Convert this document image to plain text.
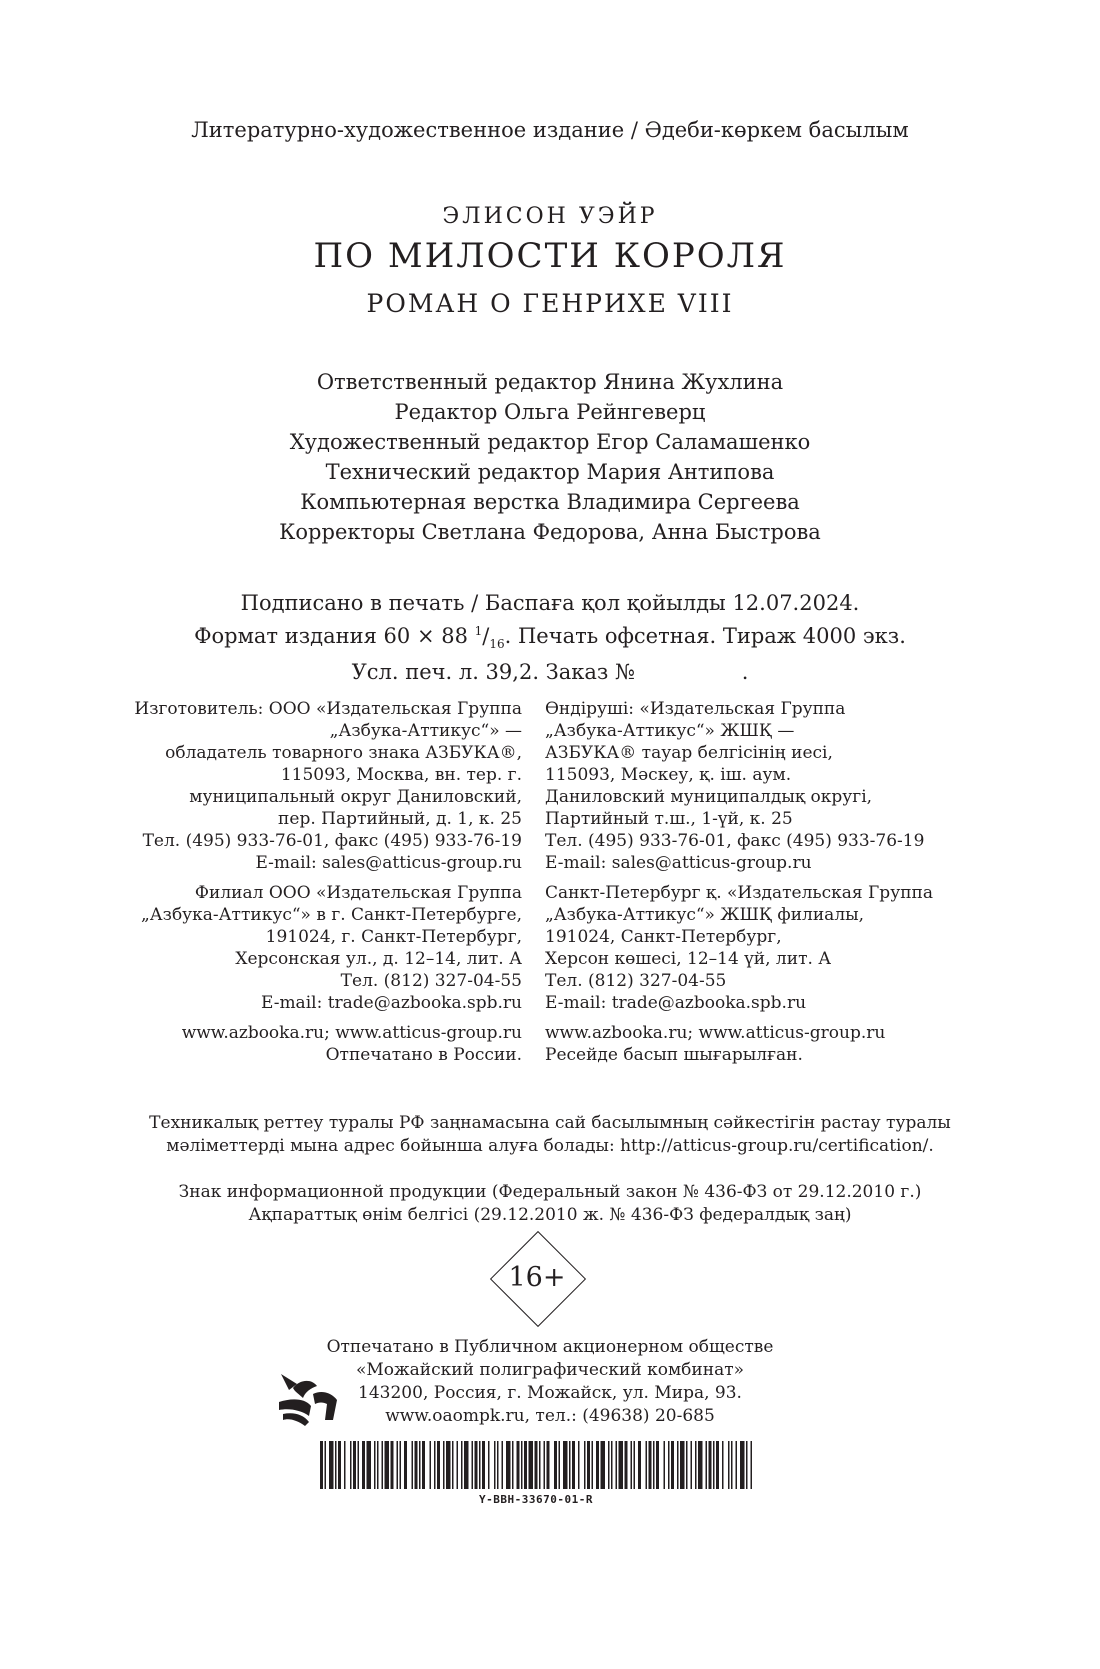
Литературно-художественное издание / Әдеби-көркем басылым
ЭЛИСОН УЭЙР
ПО МИЛОСТИ КОРОЛЯ
РОМАН О ГЕНРИХЕ VIII
Ответственный редактор Янина Жухлина
Редактор Ольга Рейнгеверц
Художественный редактор Егор Саламашенко
Технический редактор Мария Антипова
Компьютерная верстка Владимира Сергеева
Корректоры Светлана Федорова, Анна Быстрова
Подписано в печать / Баспаға қол қойылды 12.07.2024.
Формат издания 60 × 88 $^1/_{16}$. Печать офсетная. Тираж 4000 экз.
Усл. печ. л. 39,2. Заказ №                .
Изготовитель: ООО «Издательская Группа
„Азбука-Аттикус“» —
обладатель товарного знака АЗБУКА®,
115093, Москва, вн. тер. г.
муниципальный округ Даниловский,
пер. Партийный, д. 1, к. 25
Тел. (495) 933-76-01, факс (495) 933-76-19
E-mail: sales@atticus-group.ru
Филиал ООО «Издательская Группа
„Азбука-Аттикус“» в г. Санкт-Петербурге,
191024, г. Санкт-Петербург,
Херсонская ул., д. 12–14, лит. А
Тел. (812) 327-04-55
E-mail: trade@azbooka.spb.ru
www.azbooka.ru; www.atticus-group.ru
Отпечатано в России.
Өндіруші: «Издательская Группа
„Азбука-Аттикус“» ЖШҚ —
АЗБУКА® тауар белгісінің иесі,
115093, Мәскеу, қ. іш. аум.
Даниловский муниципалдық округі,
Партийный т.ш., 1-үй, к. 25
Тел. (495) 933-76-01, факс (495) 933-76-19
E-mail: sales@atticus-group.ru
Санкт-Петербург қ. «Издательская Группа
„Азбука-Аттикус“» ЖШҚ филиалы,
191024, Санкт-Петербург,
Херсон көшесі, 12–14 үй, лит. А
Тел. (812) 327-04-55
E-mail: trade@azbooka.spb.ru
www.azbooka.ru; www.atticus-group.ru
Ресейде басып шығарылған.
Техникалық реттеу туралы РФ заңнамасына сай басылымның сәйкестігін растау туралы
мәліметтерді мына адрес бойынша алуға болады: http://atticus-group.ru/certification/.
Знак информационной продукции (Федеральный закон № 436-ФЗ от 29.12.2010 г.)
Ақпараттық өнім белгісі (29.12.2010 ж. № 436-ФЗ федералдық заң)
16+
Отпечатано в Публичном акционерном обществе
«Можайский полиграфический комбинат»
143200, Россия, г. Можайск, ул. Мира, 93.
www.oaompk.ru, тел.: (49638) 20-685
Y-BBH-33670-01-R
